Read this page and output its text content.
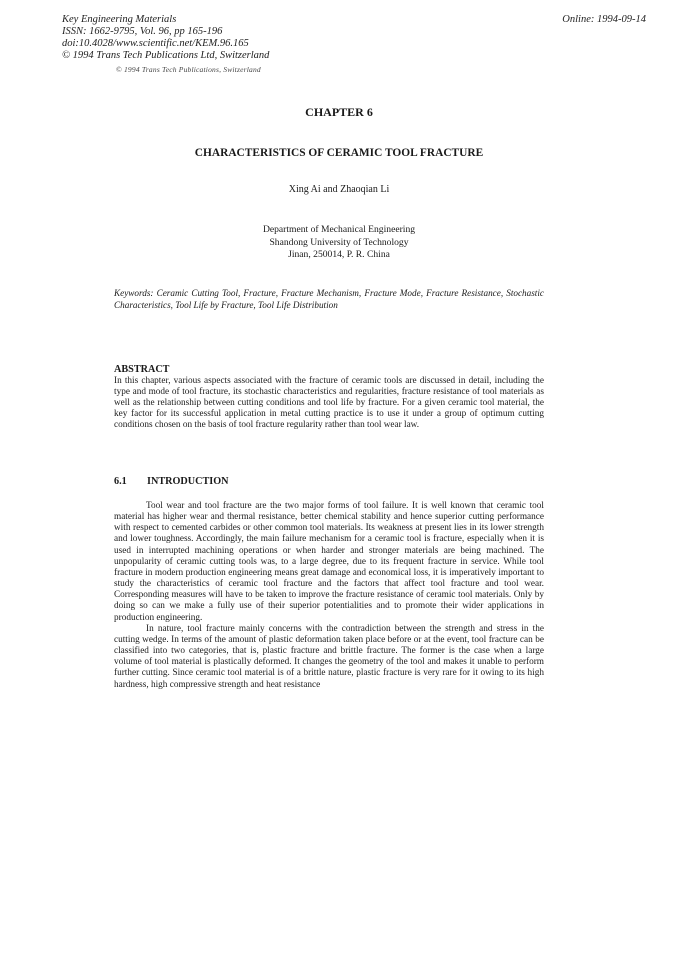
Key Engineering Materials
ISSN: 1662-9795, Vol. 96, pp 165-196
doi:10.4028/www.scientific.net/KEM.96.165
© 1994 Trans Tech Publications Ltd, Switzerland
Online: 1994-09-14
© 1994 Trans Tech Publications, Switzerland
CHAPTER 6
CHARACTERISTICS OF CERAMIC TOOL FRACTURE
Xing Ai and Zhaoqian Li
Department of Mechanical Engineering
Shandong University of Technology
Jinan, 250014, P. R. China
Keywords: Ceramic Cutting Tool, Fracture, Fracture Mechanism, Fracture Mode, Fracture Resistance, Stochastic Characteristics, Tool Life by Fracture, Tool Life Distribution
ABSTRACT
In this chapter, various aspects associated with the fracture of ceramic tools are discussed in detail, including the type and mode of tool fracture, its stochastic characteristics and regularities, fracture resistance of tool materials as well as the relationship between cutting conditions and tool life by fracture. For a given ceramic tool material, the key factor for its successful application in metal cutting practice is to use it under a group of optimum cutting conditions chosen on the basis of tool fracture regularity rather than tool wear law.
6.1 INTRODUCTION

Tool wear and tool fracture are the two major forms of tool failure. It is well known that ceramic tool material has higher wear and thermal resistance, better chemical stability and hence superior cutting performance with respect to cemented carbides or other common tool materials. Its weakness at present lies in its lower strength and lower toughness. Accordingly, the main failure mechanism for a ceramic tool is fracture, especially when it is used in interrupted machining operations or when harder and stronger materials are being machined. The unpopularity of ceramic cutting tools was, to a large degree, due to its frequent fracture in service. While tool fracture in modern production engineering means great damage and economical loss, it is imperatively important to study the characteristics of ceramic tool fracture and the factors that affect tool fracture and tool wear. Corresponding measures will have to be taken to improve the fracture resistance of ceramic tool materials. Only by doing so can we make a fully use of their superior potentialities and to promote their wider applications in production engineering.

In nature, tool fracture mainly concerns with the contradiction between the strength and stress in the cutting wedge. In terms of the amount of plastic deformation taken place before or at the event, tool fracture can be classified into two categories, that is, plastic fracture and brittle fracture. The former is the case when a large volume of tool material is plastically deformed. It changes the geometry of the tool and makes it unable to perform further cutting. Since ceramic tool material is of a brittle nature, plastic fracture is very rare for it owing to its high hardness, high compressive strength and heat resistance
